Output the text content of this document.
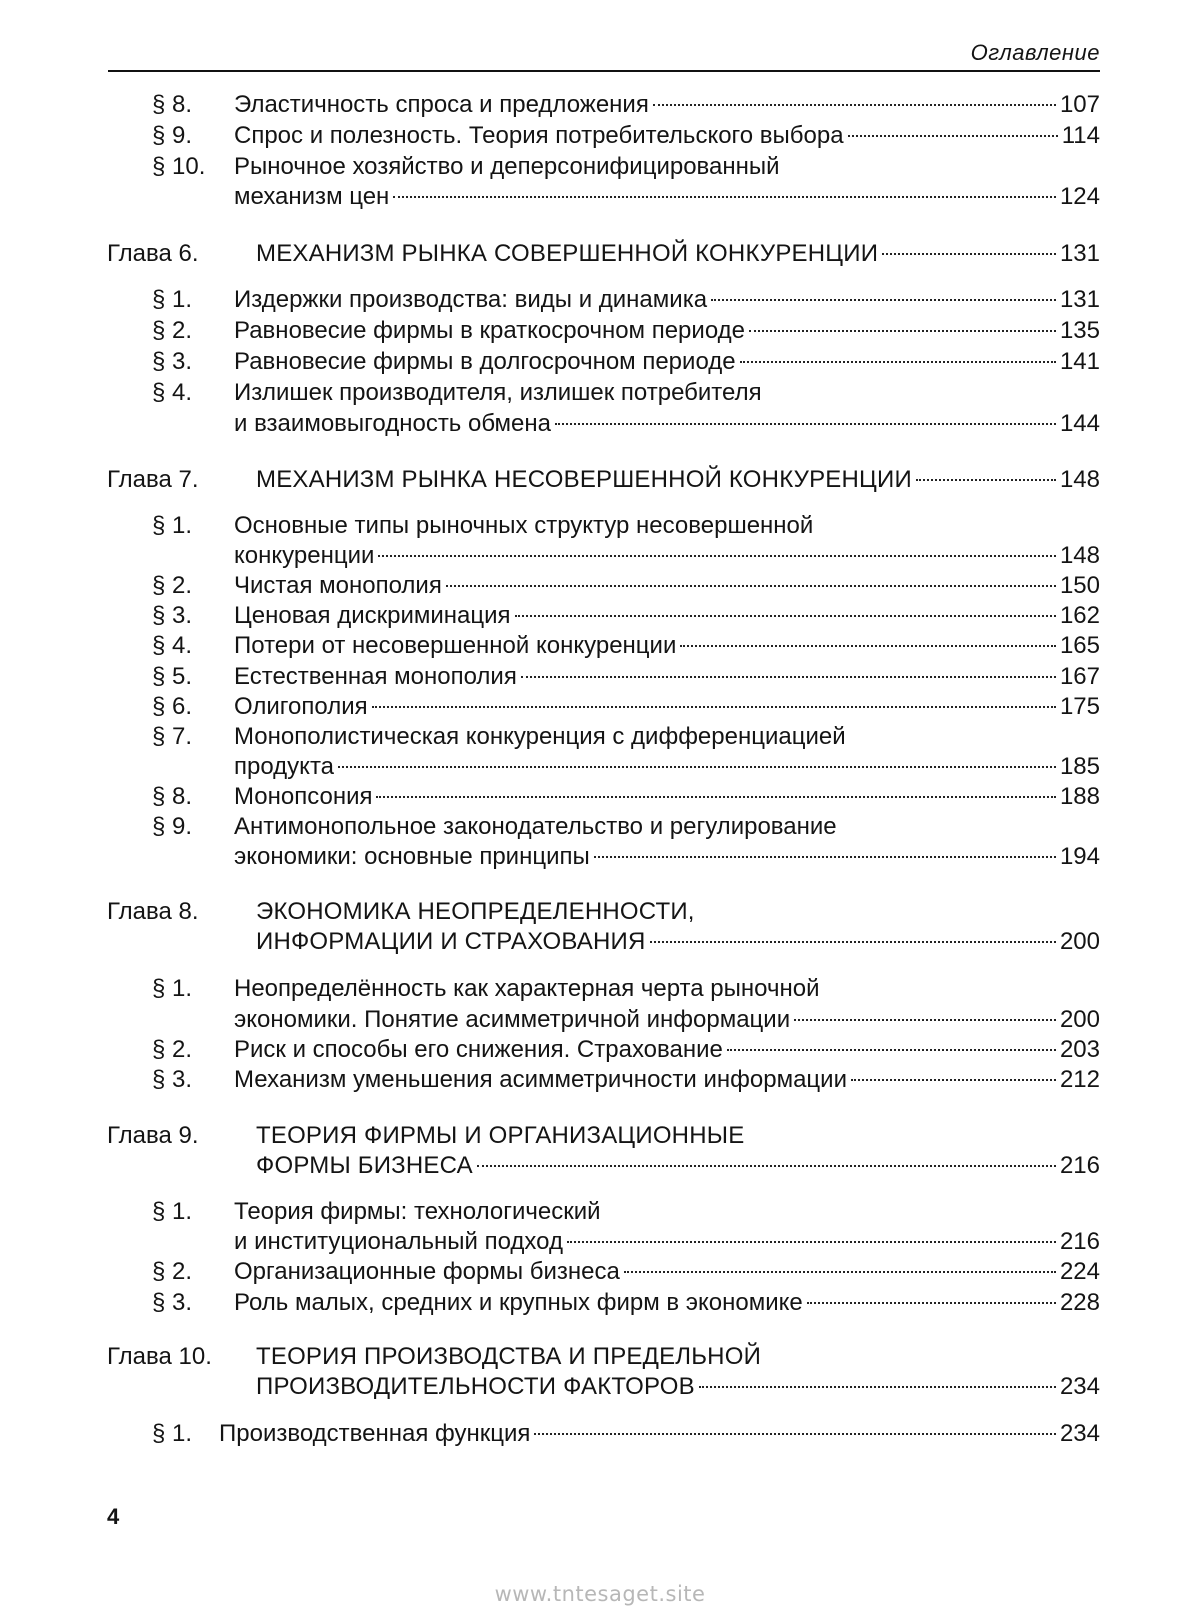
Оглавление
§ 8. Эластичность спроса и предложения	107
§ 9. Спрос и полезность. Теория потребительского выбора	114
§ 10. Рыночное хозяйство и деперсонифицированный
механизм цен	124
Глава 6. МЕХАНИЗМ РЫНКА СОВЕРШЕННОЙ КОНКУРЕНЦИИ	131
§ 1. Издержки производства: виды и динамика	131
§ 2. Равновесие фирмы в краткосрочном периоде	135
§ 3. Равновесие фирмы в долгосрочном периоде	141
§ 4. Излишек производителя, излишек потребителя
и взаимовыгодность обмена	144
Глава 7. МЕХАНИЗМ РЫНКА НЕСОВЕРШЕННОЙ КОНКУРЕНЦИИ	148
§ 1. Основные типы рыночных структур несовершенной
конкуренции	148
§ 2. Чистая монополия	150
§ 3. Ценовая дискриминация	162
§ 4. Потери от несовершенной конкуренции	165
§ 5. Естественная монополия	167
§ 6. Олигополия	175
§ 7. Монополистическая конкуренция с дифференциацией
продукта	185
§ 8. Монопсония	188
§ 9. Антимонопольное законодательство и регулирование
экономики: основные принципы	194
Глава 8. ЭКОНОМИКА НЕОПРЕДЕЛЕННОСТИ,
ИНФОРМАЦИИ И СТРАХОВАНИЯ	200
§ 1. Неопределённость как характерная черта рыночной
экономики. Понятие асимметричной информации	200
§ 2. Риск и способы его снижения. Страхование	203
§ 3. Механизм уменьшения асимметричности информации	212
Глава 9. ТЕОРИЯ ФИРМЫ И ОРГАНИЗАЦИОННЫЕ
ФОРМЫ БИЗНЕСА	216
§ 1. Теория фирмы: технологический
и институциональный подход	216
§ 2. Организационные формы бизнеса	224
§ 3. Роль малых, средних и крупных фирм в экономике	228
Глава 10. ТЕОРИЯ ПРОИЗВОДСТВА И ПРЕДЕЛЬНОЙ
ПРОИЗВОДИТЕЛЬНОСТИ ФАКТОРОВ	234
§ 1. Производственная функция	234
4
www.tntesaget.site
